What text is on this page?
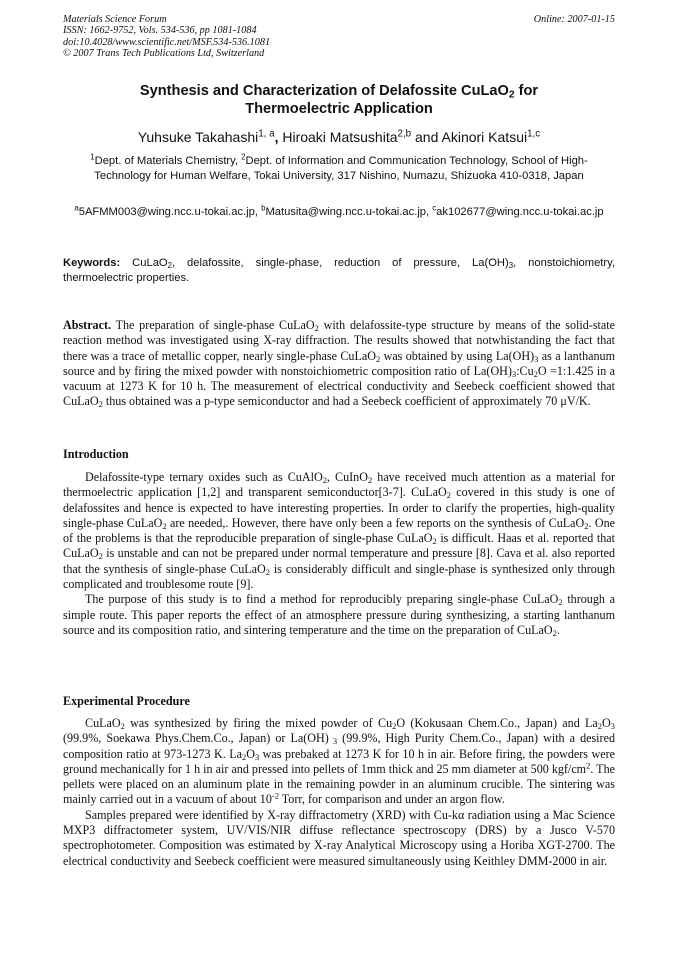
Materials Science Forum
ISSN: 1662-9752, Vols. 534-536, pp 1081-1084
doi:10.4028/www.scientific.net/MSF.534-536.1081
© 2007 Trans Tech Publications Ltd, Switzerland
Online: 2007-01-15
Synthesis and Characterization of Delafossite CuLaO$_2$ for
Thermoelectric Application
Yuhsuke Takahashi$^{1, a}$, Hiroaki Matsushita$^{2,b}$ and Akinori Katsui$^{1,c}$
$^1$Dept. of Materials Chemistry, $^2$Dept. of Information and Communication Technology, School of High-Technology for Human Welfare, Tokai University, 317 Nishino, Numazu, Shizuoka 410-0318, Japan
$^a$5AFMM003@wing.ncc.u-tokai.ac.jp, $^b$Matusita@wing.ncc.u-tokai.ac.jp, $^c$ak102677@wing.ncc.u-tokai.ac.jp
Keywords: CuLaO$_2$, delafossite, single-phase, reduction of pressure, $La(OH)_3$, nonstoichiometry, thermoelectric properties.

Abstract. The preparation of single-phase CuLaO$_2$ with delafossite-type structure by means of the solid-state reaction method was investigated using X-ray diffraction. The results showed that notwhistanding the fact that there was a trace of metallic copper, nearly single-phase CuLaO$_2$ was obtained by using $La(OH)_3$ as a lanthanum source and by firing the mixed powder with nonstoichiometric composition ratio of $La(OH)_3:Cu_2O$ =1:1.425 in a vacuum at 1273 K for 10 h. The measurement of electrical conductivity and Seebeck coefficient showed that CuLaO$_2$ thus obtained was a p-type semiconductor and had a Seebeck coefficient of approximately 70 μV/K.

Introduction

Delafossite-type ternary oxides such as CuAlO$_2$, CuInO$_2$ have received much attention as a material for thermoelectric application [1,2] and transparent semiconductor[3-7]. CuLaO$_2$ covered in this study is one of delafossites and hence is expected to have interesting properties. In order to clarify the properties, high-quality single-phase CuLaO$_2$ are needed,. However, there have only been a few reports on the synthesis of CuLaO$_2$. One of the problems is that the reproducible preparation of single-phase CuLaO$_2$ is difficult. Haas et al. reported that CuLaO$_2$ is unstable and can not be prepared under normal temperature and pressure [8]. Cava et al. also reported that the synthesis of single-phase CuLaO$_2$ is considerably difficult and single-phase is synthesized only through complicated and troublesome route [9].

The purpose of this study is to find a method for reproducibly preparing single-phase CuLaO$_2$ through a simple route. This paper reports the effect of an atmosphere pressure during synthesizing, a starting lanthanum source and its composition ratio, and sintering temperature and the time on the preparation of CuLaO$_2$.

Experimental Procedure

CuLaO$_2$ was synthesized by firing the mixed powder of $Cu_2O$ (Kokusaan Chem.Co., Japan) and $La_2O_3$ (99.9%, Soekawa Phys.Chem.Co., Japan) or La(OH) $_3$ (99.9%, High Purity Chem.Co., Japan) with a desired composition ratio at 973-1273 K. $La_2O_3$ was prebaked at 1273 K for 10 h in air. Before firing, the powders were ground mechanically for 1 h in air and pressed into pellets of 1mm thick and 25 mm diameter at 500 kgf/$cm^2$. The pellets were placed on an aluminum plate in the remaining powder in an aluminum crucible. The sintering was mainly carried out in a vacuum of about $10^{-2}$ Torr, for comparison and under an argon flow.

Samples prepared were identified by X-ray diffractometry (XRD) with Cu-kα radiation using a Mac Science MXP3 diffractometer system, UV/VIS/NIR diffuse reflectance spectroscopy (DRS) by a Jusco V-570 spectrophotometer. Composition was estimated by X-ray Analytical Microscopy using a Horiba XGT-2700. The electrical conductivity and Seebeck coefficient were measured simultaneously using Keithley DMM-2000 in air.
